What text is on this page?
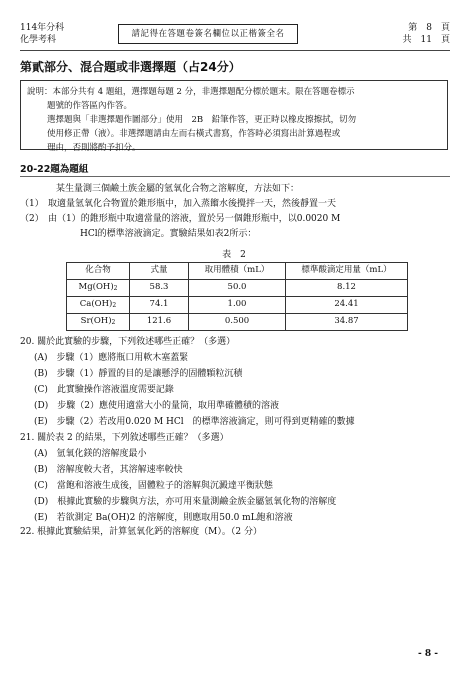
114年分科
化學考科
請記得在答題卷簽名欄位以正楷簽全名
第　8　頁
共　11　頁
第貳部分、混合題或非選擇題（占24分）
說明：本部分共有 4 題組，選擇題每題 2 分，非選擇題配分標於題末。限在答題卷標示
題號的作答區內作答。
選擇題與「非選擇題作圖部分」使用　2B　鉛筆作答，更正時以橡皮擦擦拭，切勿
使用修正帶（液）。非選擇題請由左而右橫式書寫，作答時必須寫出計算過程或
理由，否則將酌予扣分。
20-22題為題組
某生量測三個鹼土族金屬的氫氧化合物之溶解度，方法如下：
（1） 取適量氫氧化合物置於錐形瓶中，加入蒸餾水後攪拌一天，然後靜置一天
（2） 由（1）的錐形瓶中取適當量的溶液，置於另一個錐形瓶中，以0.0020 M
HCl的標準溶液滴定。實驗結果如表2所示：
表　2
化合物	式量	取用體積（mL）	標準酸滴定用量（mL）
$Mg(OH)_2$	58.3	50.0	8.12
$Ca(OH)_2$	74.1	1.00	24.41
$Sr(OH)_2$	121.6	0.500	34.87
20. 關於此實驗的步驟，下列敘述哪些正確？（多選）
(A)　步驟（1）應將瓶口用軟木塞蓋緊
(B)　步驟（1）靜置的目的是讓懸浮的固體顆粒沉積
(C)　此實驗操作溶液溫度需要記錄
(D)　步驟（2）應使用適當大小的量筒，取用準確體積的溶液
(E)　步驟（2）若改用0.020 M HCl　的標準溶液滴定，則可得到更精確的數據
21. 關於表 2 的結果，下列敘述哪些正確？（多選）
(A)　氫氧化鎂的溶解度最小
(B)　溶解度較大者，其溶解速率較快
(C)　當飽和溶液生成後，固體粒子的溶解與沉澱達平衡狀態
(D)　根據此實驗的步驟與方法，亦可用來量測鹼金族金屬氫氧化物的溶解度
(E)　若欲測定 Ba(OH)2 的溶解度，則應取用50.0 mL飽和溶液
22. 根據此實驗結果，計算氫氧化鈣的溶解度（M）。（2 分）
- 8 -
